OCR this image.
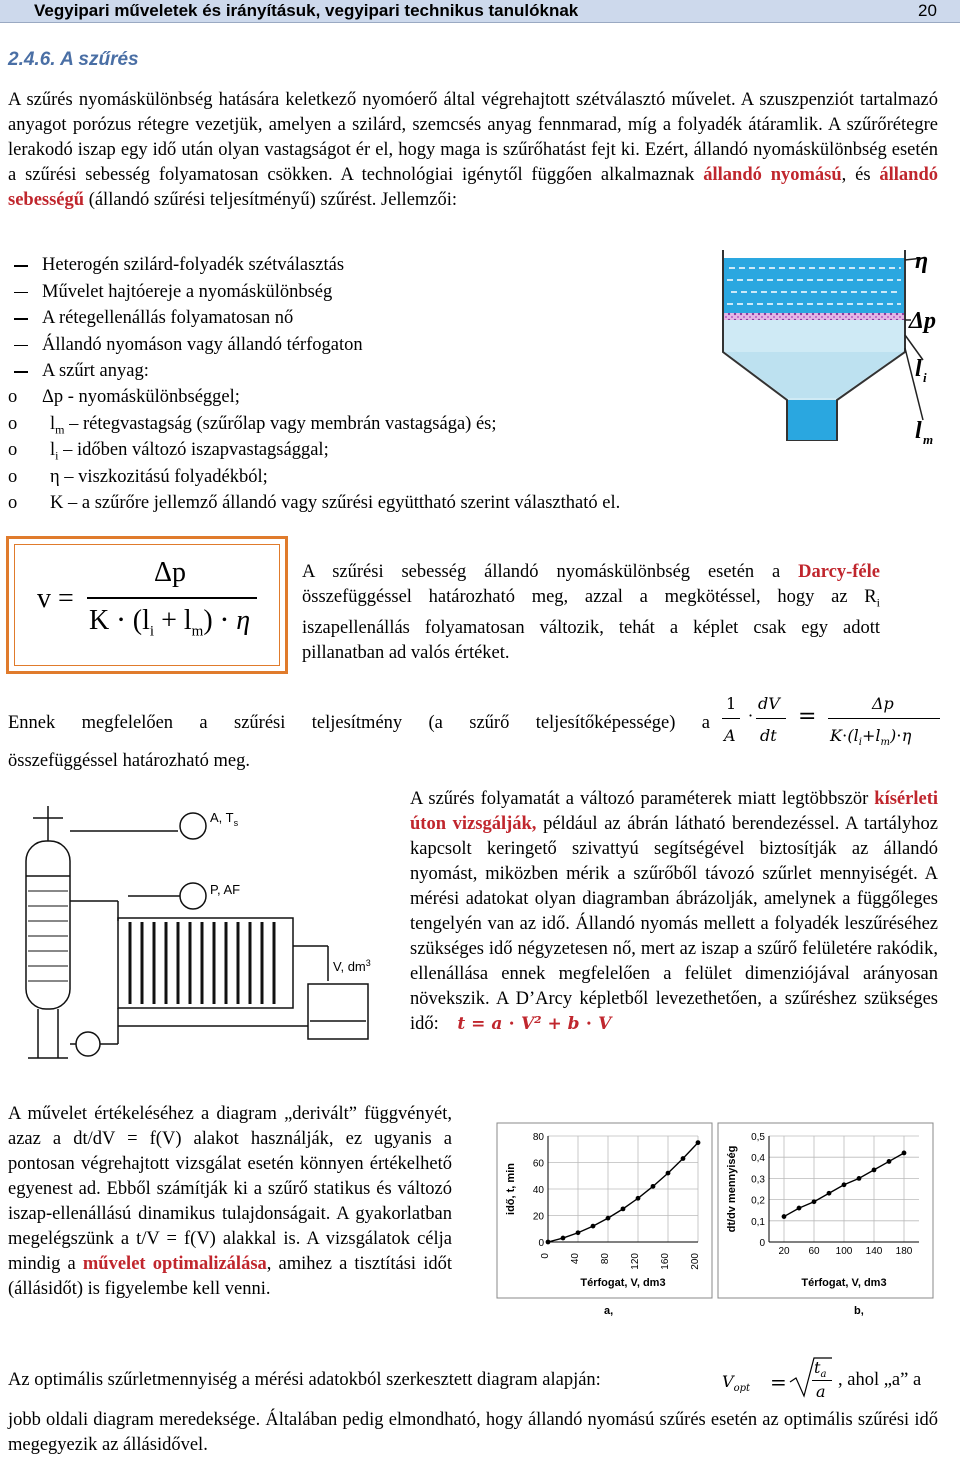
Vegyipari műveletek és irányításuk, vegyipari technikus tanulóknak	20
2.4.6. A szűrés
A szűrés nyomáskülönbség hatására keletkező nyomóerő által végrehajtott szétválasztó művelet. A szuszpenziót tartalmazó anyagot porózus rétegre vezetjük, amelyen a szilárd, szemcsés anyag fennmarad, míg a folyadék átáramlik. A szűrőrétegre lerakodó iszap egy idő után olyan vastagságot ér el, hogy maga is szűrőhatást fejt ki. Ezért, állandó nyomáskülönbség esetén a szűrési sebesség folyamatosan csökken. A technológiai igénytől függően alkalmaznak állandó nyomású, és állandó sebességű (állandó szűrési teljesítményű) szűrést. Jellemzői:
Heterogén szilárd-folyadék szétválasztás
Művelet hajtóereje a nyomáskülönbség
A rétegellenállás folyamatosan nő
Állandó nyomáson vagy állandó térfogaton
A szűrt anyag:
o Δp - nyomáskülönbséggel;
o $l_m$ – rétegvastagság (szűrőlap vagy membrán vastagsága) és;
o $l_i$ – időben változó iszapvastagsággal;
o η – viszkozitású folyadékból;
o K – a szűrőre jellemző állandó vagy szűrési együttható szerint választható el.
η
Δp
l i
l m
v =
Δp
$K \cdot (l_i + l_m) \cdot \eta$
A szűrési sebesség állandó nyomáskülönbség esetén a Darcy-féle összefüggéssel határozható meg, azzal a megkötéssel, hogy az $R_i$ iszapellenállás folyamatosan változik, tehát a képlet csak egy adott pillanatban ad valós értéket.
Ennek megfelelően a szűrési teljesítmény (a szűrő teljesítőképessége) a
összefüggéssel határozható meg.
1
A
·
dV
dt
=
Δp
$K\cdot(l_i+l_m)\cdot\eta$
A, $T_s$
P, AF
V, $dm^3$
A szűrés folyamatát a változó paraméterek miatt legtöbbször kísérleti úton vizsgálják, például az ábrán látható berendezéssel. A tartályhoz kapcsolt keringető szivattyú segítségével biztosítják az állandó nyomást, miközben mérik a szűrőből távozó szűrlet mennyiségét. A mérési adatokat olyan diagramban ábrázolják, amelynek a függőleges tengelyén van az idő. Állandó nyomás mellett a folyadék leszűréséhez szükséges idő négyzetesen nő, mert az iszap a szűrő felületére rakódik, ellenállása ennek megfelelően a felület dimenziójával arányosan növekszik. A D’Arcy képletből levezethetően, a szűréshez szükséges idő: t = a ⋅ V² + b ⋅ V
A művelet értékeléséhez a diagram „derivált” függvényét, azaz a dt/dV = f(V) alakot használják, ez ugyanis a pontosan végrehajtott vizsgálat esetén könnyen értékelhető egyenest ad. Ebből számítják ki a szűrő statikus és változó iszap-ellenállású dinamikus tulajdonságait. A gyakorlatban megelégszünk a t/V = f(V) alakkal is. A vizsgálatok célja mindig a művelet optimalizálása, amihez a tisztítási időt (állásidőt) is figyelembe kell venni.
0
20
40
60
80
0 40 80 120 160 200
Térfogat, V, dm3
idő, t, min
0
0,1
0,2
0,3
0,4
0,5
20 60 100 140 180
Térfogat, V, dm3
dt/dv mennyiség
a,	b,
Az optimális szűrletmennyiség a mérési adatokból szerkesztett diagram alapján:	$V_{opt}$ =
$t_a$
a
, ahol „a” a
jobb oldali diagram meredeksége. Általában pedig elmondható, hogy állandó nyomású szűrés esetén az optimális szűrési idő megegyezik az állásidővel.
